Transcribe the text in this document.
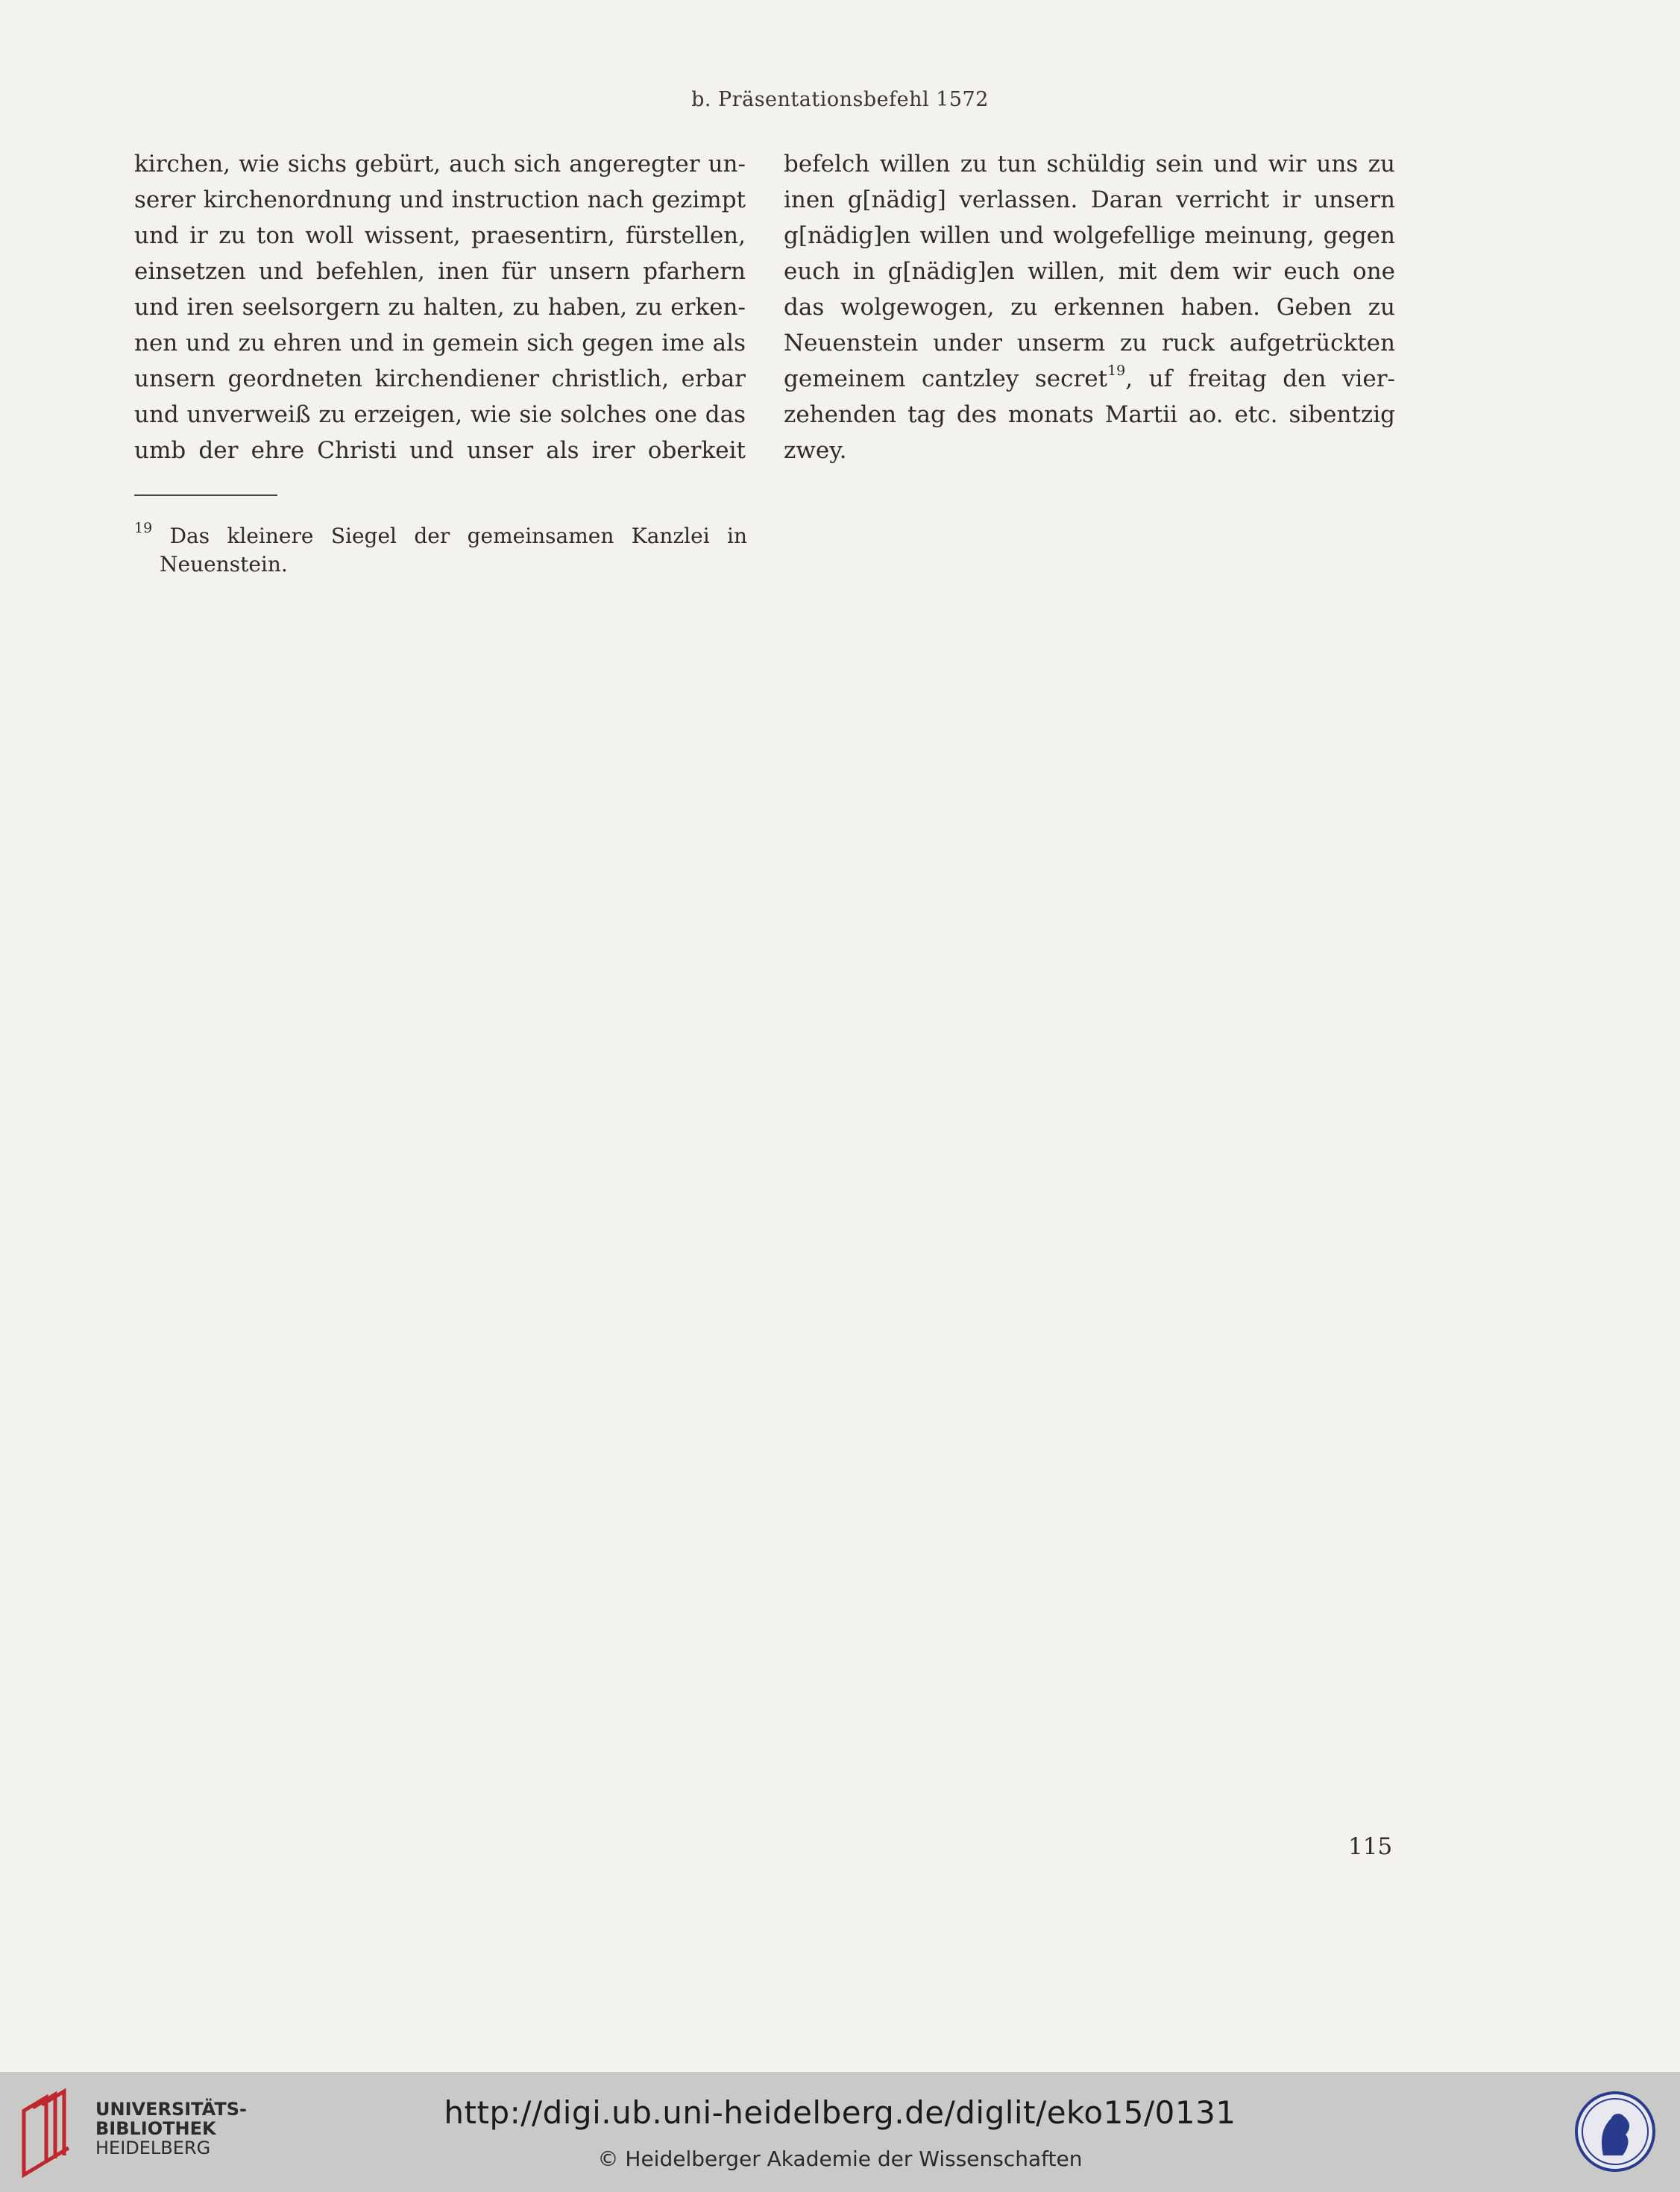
b. Präsentationsbefehl 1572
kirchen, wie sichs gebürt, auch sich angeregter un-
serer kirchenordnung und instruction nach gezimpt
und ir zu ton woll wissent, praesentirn, fürstellen,
einsetzen und befehlen, inen für unsern pfarhern
und iren seelsorgern zu halten, zu haben, zu erken-
nen und zu ehren und in gemein sich gegen ime als
unsern geordneten kirchendiener christlich, erbar
und unverweiß zu erzeigen, wie sie solches one das
umb der ehre Christi und unser als irer oberkeit
befelch willen zu tun schüldig sein und wir uns zu
inen g[nädig] verlassen. Daran verricht ir unsern
g[nädig]en willen und wolgefellige meinung, gegen
euch in g[nädig]en willen, mit dem wir euch one
das wolgewogen, zu erkennen haben. Geben zu
Neuenstein under unserm zu ruck aufgetrückten
gemeinem cantzley secret$^{19}$, uf freitag den vier-
zehenden tag des monats Martii ao. etc. sibentzig
zwey.
$^{19}$ Das kleinere Siegel der gemeinsamen Kanzlei in
Neuenstein.
115
UNIVERSITÄTS-
BIBLIOTHEK
HEIDELBERG
http://digi.ub.uni-heidelberg.de/diglit/eko15/0131
© Heidelberger Akademie der Wissenschaften
